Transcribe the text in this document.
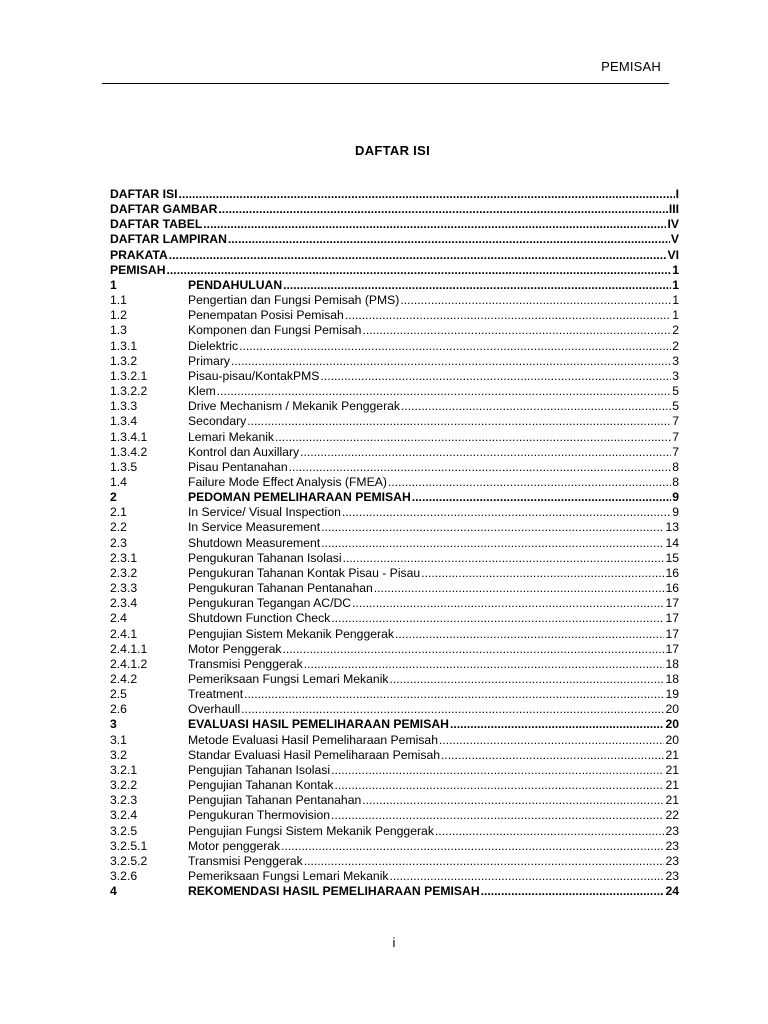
PEMISAH
DAFTAR ISI
DAFTAR ISI .....	I
DAFTAR GAMBAR .....	III
DAFTAR TABEL .....	IV
DAFTAR LAMPIRAN .....	V
PRAKATA .....	VI
PEMISAH .....	1
1	PENDAHULUAN .....	1
1.1	Pengertian dan Fungsi Pemisah (PMS) .....	1
1.2	Penempatan Posisi Pemisah .....	1
1.3	Komponen dan Fungsi Pemisah .....	2
1.3.1	Dielektric .....	2
1.3.2	Primary .....	3
1.3.2.1	Pisau-pisau/KontakPMS .....	3
1.3.2.2	Klem .....	5
1.3.3	Drive Mechanism / Mekanik Penggerak .....	5
1.3.4	Secondary .....	7
1.3.4.1	Lemari Mekanik .....	7
1.3.4.2	Kontrol dan Auxillary .....	7
1.3.5	Pisau Pentanahan .....	8
1.4	Failure Mode Effect Analysis (FMEA) .....	8
2	PEDOMAN PEMELIHARAAN PEMISAH .....	9
2.1	In Service/ Visual Inspection .....	9
2.2	In Service Measurement .....	13
2.3	Shutdown Measurement .....	14
2.3.1	Pengukuran Tahanan Isolasi .....	15
2.3.2	Pengukuran Tahanan Kontak Pisau - Pisau .....	16
2.3.3	Pengukuran Tahanan Pentanahan .....	16
2.3.4	Pengukuran Tegangan AC/DC .....	17
2.4	Shutdown Function Check .....	17
2.4.1	Pengujian Sistem Mekanik Penggerak .....	17
2.4.1.1	Motor Penggerak .....	17
2.4.1.2	Transmisi Penggerak .....	18
2.4.2	Pemeriksaan Fungsi Lemari Mekanik .....	18
2.5	Treatment .....	19
2.6	Overhaull .....	20
3	EVALUASI HASIL PEMELIHARAAN PEMISAH .....	20
3.1	Metode Evaluasi Hasil Pemeliharaan Pemisah .....	20
3.2	Standar Evaluasi Hasil Pemeliharaan Pemisah .....	21
3.2.1	Pengujian Tahanan Isolasi .....	21
3.2.2	Pengujian Tahanan Kontak .....	21
3.2.3	Pengujian Tahanan Pentanahan .....	21
3.2.4	Pengukuran Thermovision .....	22
3.2.5	Pengujian Fungsi Sistem Mekanik Penggerak .....	23
3.2.5.1	Motor penggerak .....	23
3.2.5.2	Transmisi Penggerak .....	23
3.2.6	Pemeriksaan Fungsi Lemari Mekanik .....	23
4	REKOMENDASI HASIL PEMELIHARAAN PEMISAH .....	24
i
